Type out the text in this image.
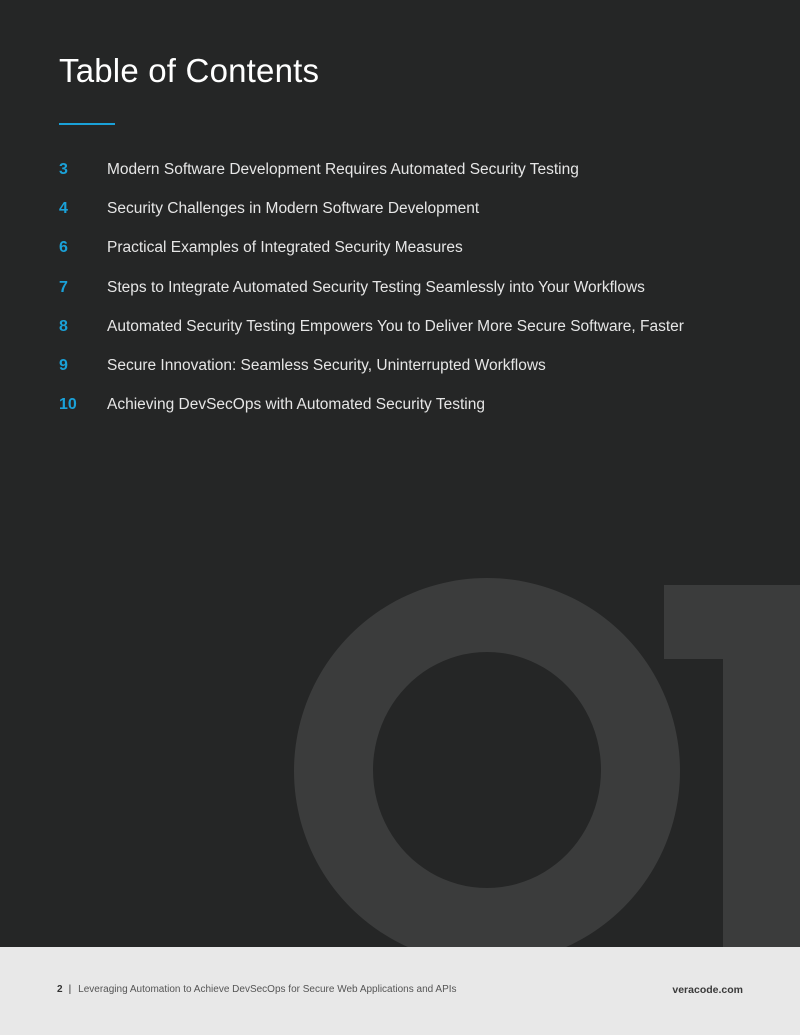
Table of Contents
3	Modern Software Development Requires Automated Security Testing
4	Security Challenges in Modern Software Development
6	Practical Examples of Integrated Security Measures
7	Steps to Integrate Automated Security Testing Seamlessly into Your Workflows
8	Automated Security Testing Empowers You to Deliver More Secure Software, Faster
9	Secure Innovation: Seamless Security, Uninterrupted Workflows
10	Achieving DevSecOps with Automated Security Testing
2 | Leveraging Automation to Achieve DevSecOps for Secure Web Applications and APIs	veracode.com
